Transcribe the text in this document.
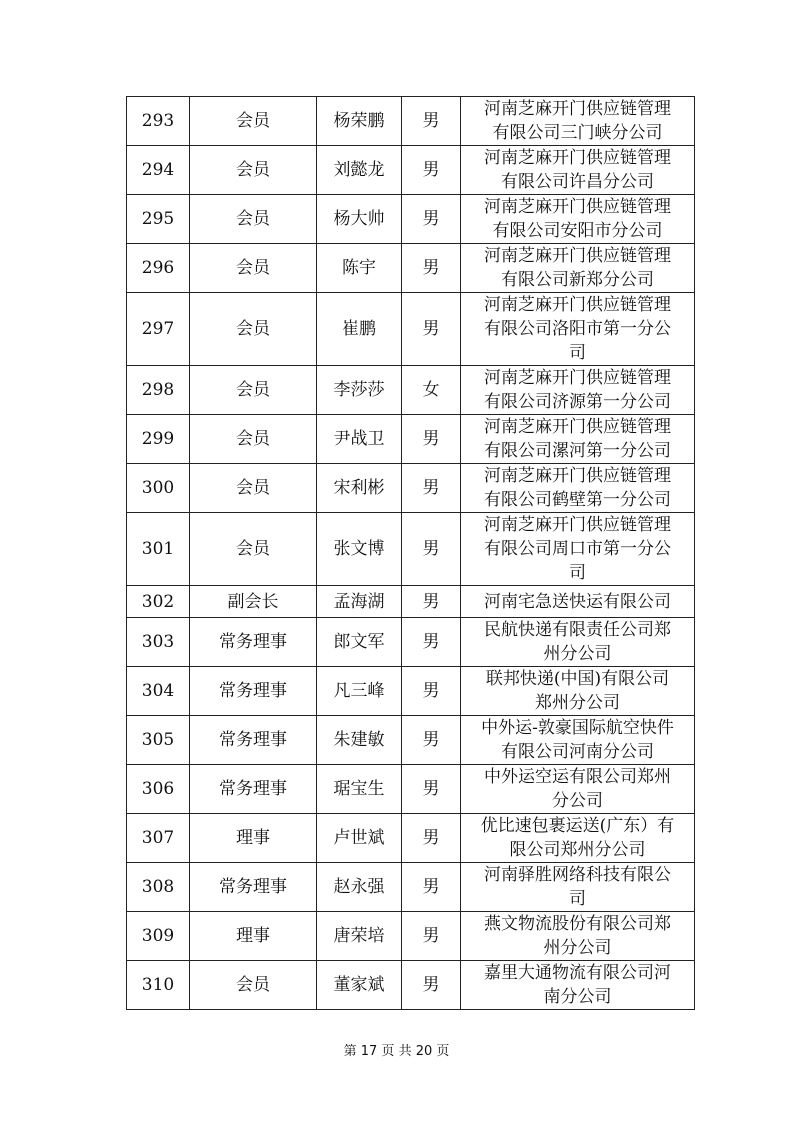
293	会员	杨荣鹏	男	河南芝麻开门供应链管理
有限公司三门峡分公司

294	会员	刘懿龙	男	河南芝麻开门供应链管理
有限公司许昌分公司

295	会员	杨大帅	男	河南芝麻开门供应链管理
有限公司安阳市分公司

296	会员	陈宇	男	河南芝麻开门供应链管理
有限公司新郑分公司

297	会员	崔鹏	男	河南芝麻开门供应链管理
有限公司洛阳市第一分公
司

298	会员	李莎莎	女	河南芝麻开门供应链管理
有限公司济源第一分公司

299	会员	尹战卫	男	河南芝麻开门供应链管理
有限公司漯河第一分公司

300	会员	宋利彬	男	河南芝麻开门供应链管理
有限公司鹤壁第一分公司

301	会员	张文博	男	河南芝麻开门供应链管理
有限公司周口市第一分公
司

302	副会长	孟海湖	男	河南宅急送快运有限公司

303	常务理事	郎文军	男	民航快递有限责任公司郑
州分公司

304	常务理事	凡三峰	男	联邦快递(中国)有限公司
郑州分公司

305	常务理事	朱建敏	男	中外运-敦豪国际航空快件
有限公司河南分公司

306	常务理事	琚宝生	男	中外运空运有限公司郑州
分公司

307	理事	卢世斌	男	优比速包裹运送(广东）有
限公司郑州分公司

308	常务理事	赵永强	男	河南驿胜网络科技有限公
司

309	理事	唐荣培	男	燕文物流股份有限公司郑
州分公司

310	会员	董家斌	男	嘉里大通物流有限公司河
南分公司
第 17 页 共 20 页
